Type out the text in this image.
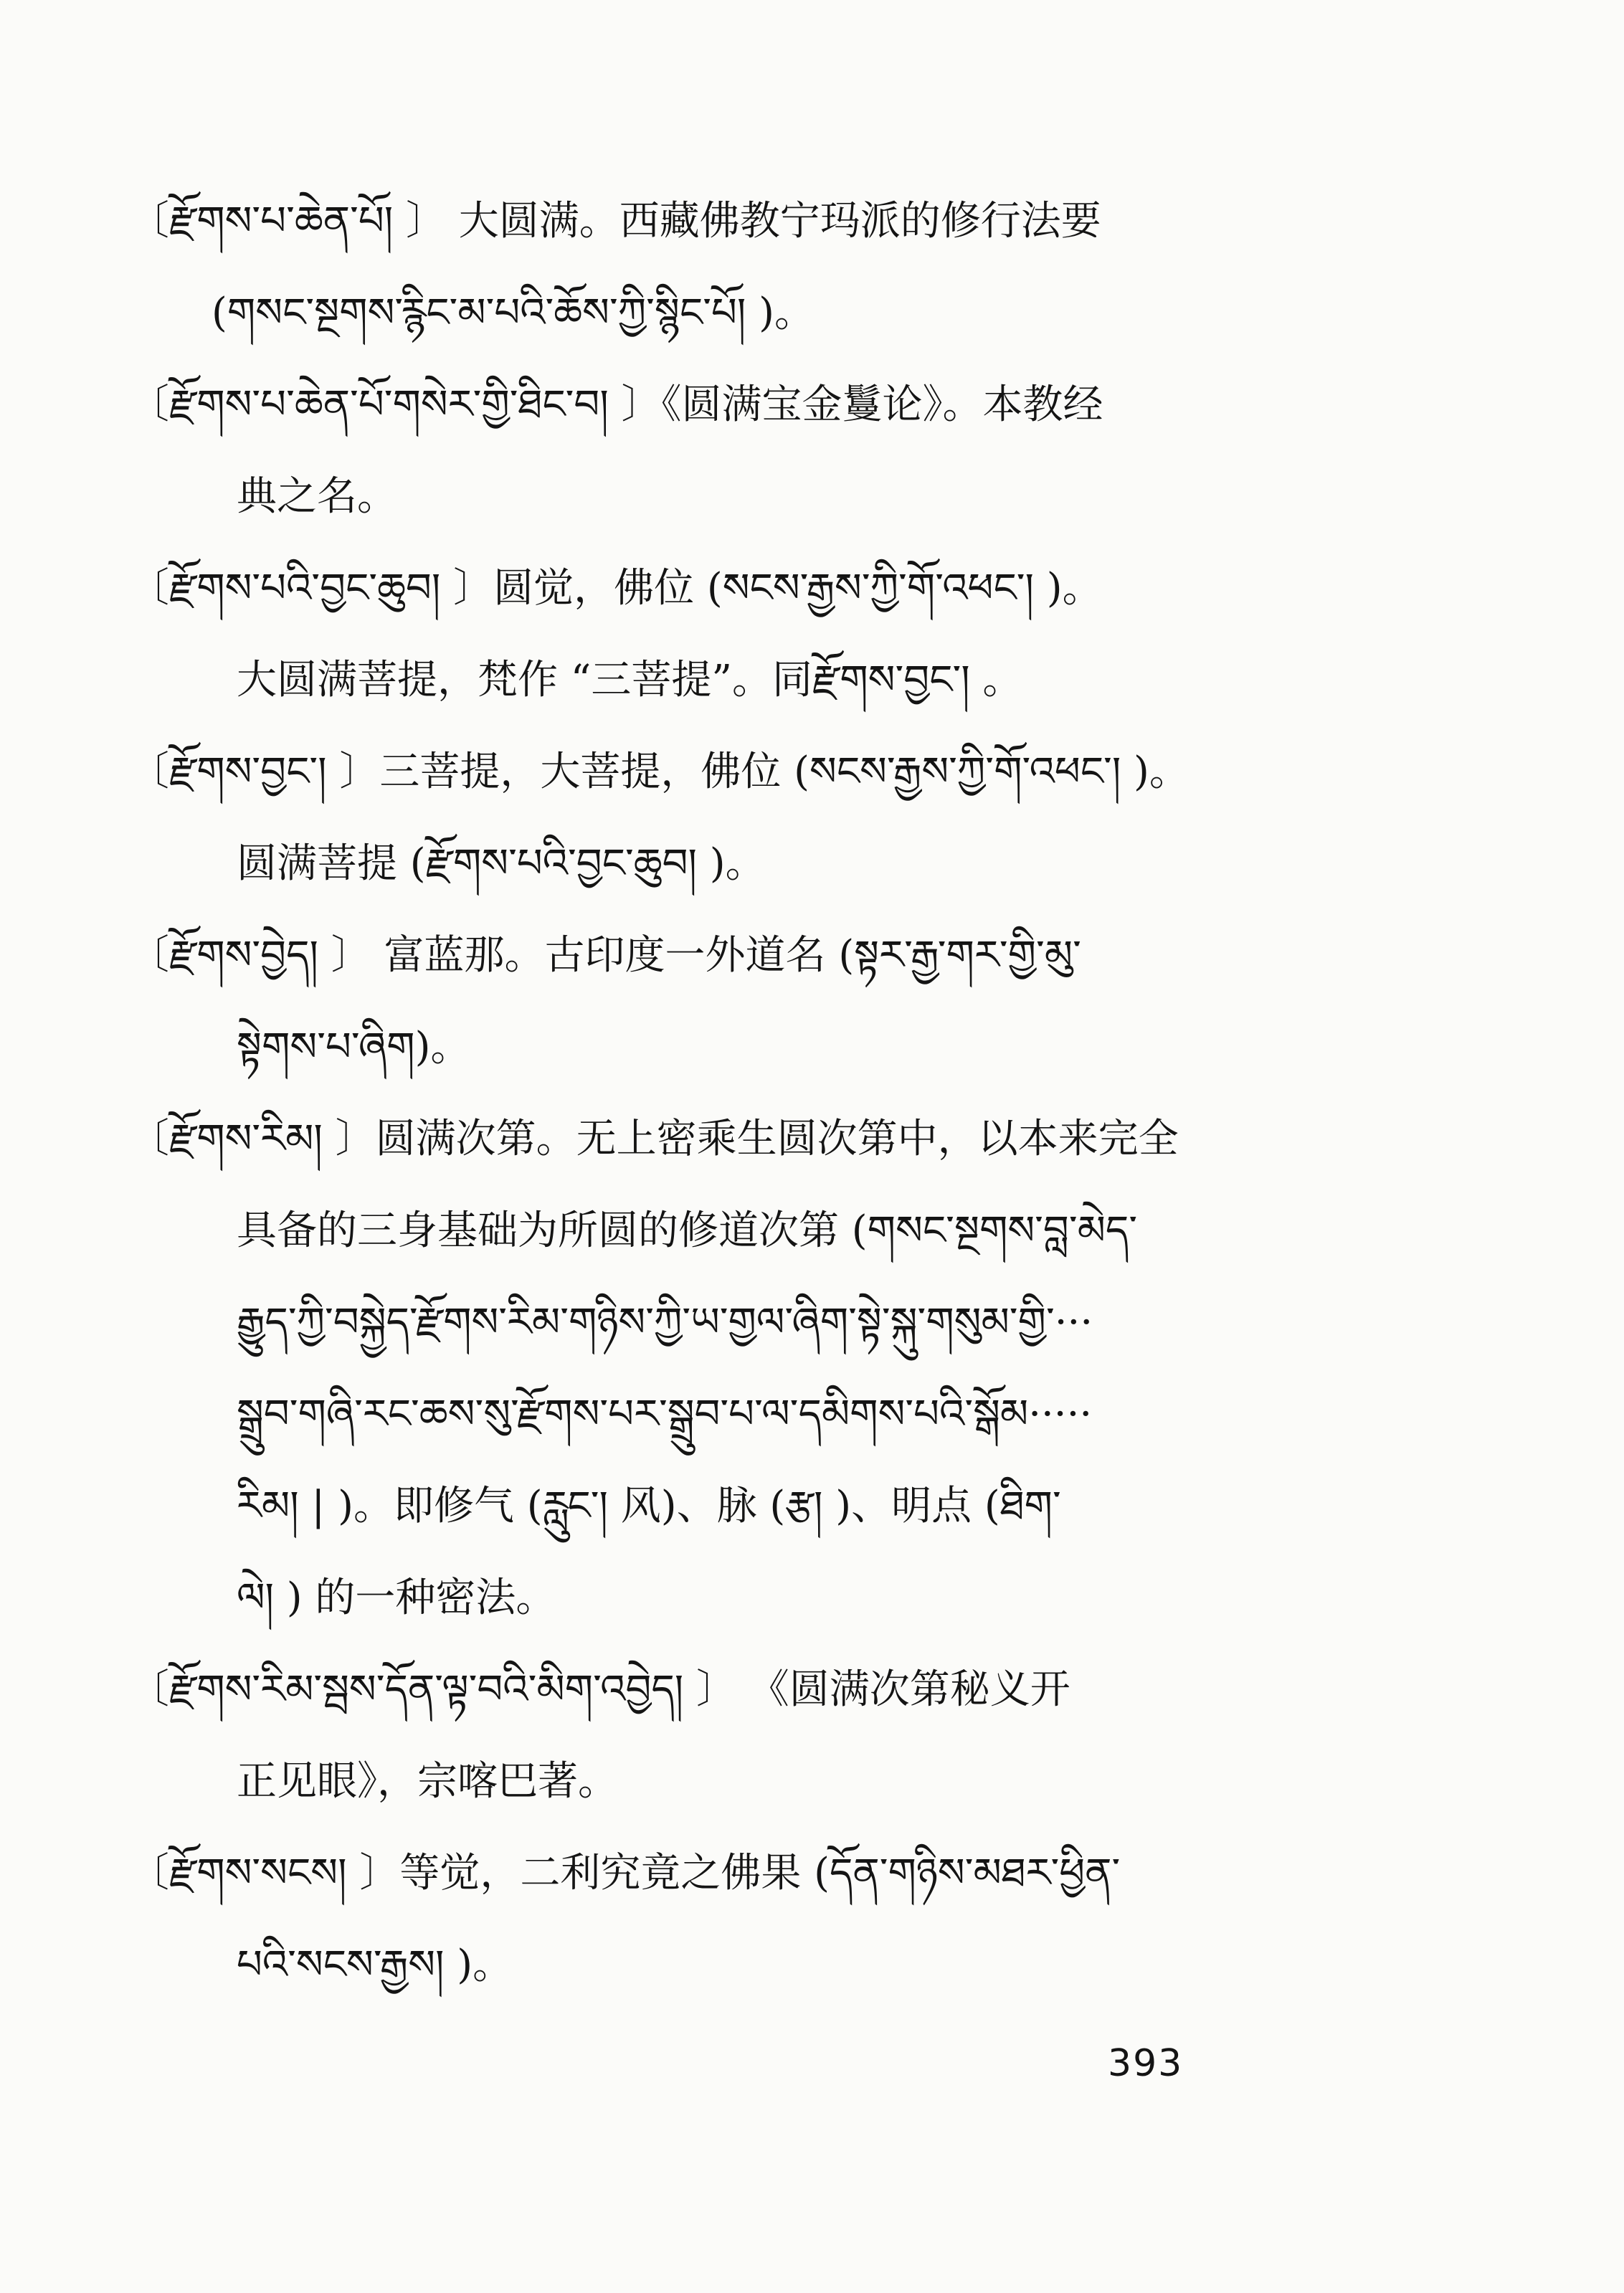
〔རྫོགས་པ་ཆེན་པོ། 〕 大圆满。西藏佛教宁玛派的修行法要
(གསང་སྔགས་རྙིང་མ་པའི་ཆོས་ཀྱི་སྙིང་པོ། )。
〔རྫོགས་པ་ཆེན་པོ་གསེར་གྱི་ཐིང་བ། 〕《圆满宝金鬘论》。本教经
典之名。
〔རྫོགས་པའི་བྱང་ཆུབ། 〕圆觉，佛位 (སངས་རྒྱས་ཀྱི་གོ་འཕང་། )。
大圆满菩提，梵作 “三菩提”。同རྫོགས་བྱང་། 。
〔རྫོགས་བྱང་། 〕三菩提，大菩提，佛位 (སངས་རྒྱས་ཀྱི་གོ་འཕང་། )。
圆满菩提 (རྫོགས་པའི་བྱང་ཆུབ། )。
〔རྫོགས་བྱེད། 〕 富蓝那。古印度一外道名 (སྟར་རྒྱ་གར་གྱི་མུ་
སྟེགས་པ་ཞིག)。
〔རྫོགས་རིམ། 〕圆满次第。无上密乘生圆次第中，以本来完全
具备的三身基础为所圆的修道次第 (གསང་སྔགས་བླ་མེད་
རྒྱུད་ཀྱི་བསྐྱེད་རྫོགས་རིམ་གཉིས་ཀྱི་ཡ་གྱལ་ཞིག་སྟེ་སྐུ་གསུམ་གྱི་···
སྒྲུབ་གཞི་རང་ཆས་སུ་རྫོགས་པར་སྒྲུབ་པ་ལ་དམིགས་པའི་སྒོམ·····
རིམ། | )。即修气 (རླུང་། 风)、脉 (རྩ། )、明点 (ཐིག་
ལེ། ) 的一种密法。
〔རྫོགས་རིམ་སྦས་དོན་ལྟ་བའི་མིག་འབྱེད། 〕 《圆满次第秘义开
正见眼》，宗喀巴著。
〔རྫོགས་སངས། 〕等觉，二利究竟之佛果 (དོན་གཉིས་མཐར་ཕྱིན་
པའི་སངས་རྒྱས། )。
393
